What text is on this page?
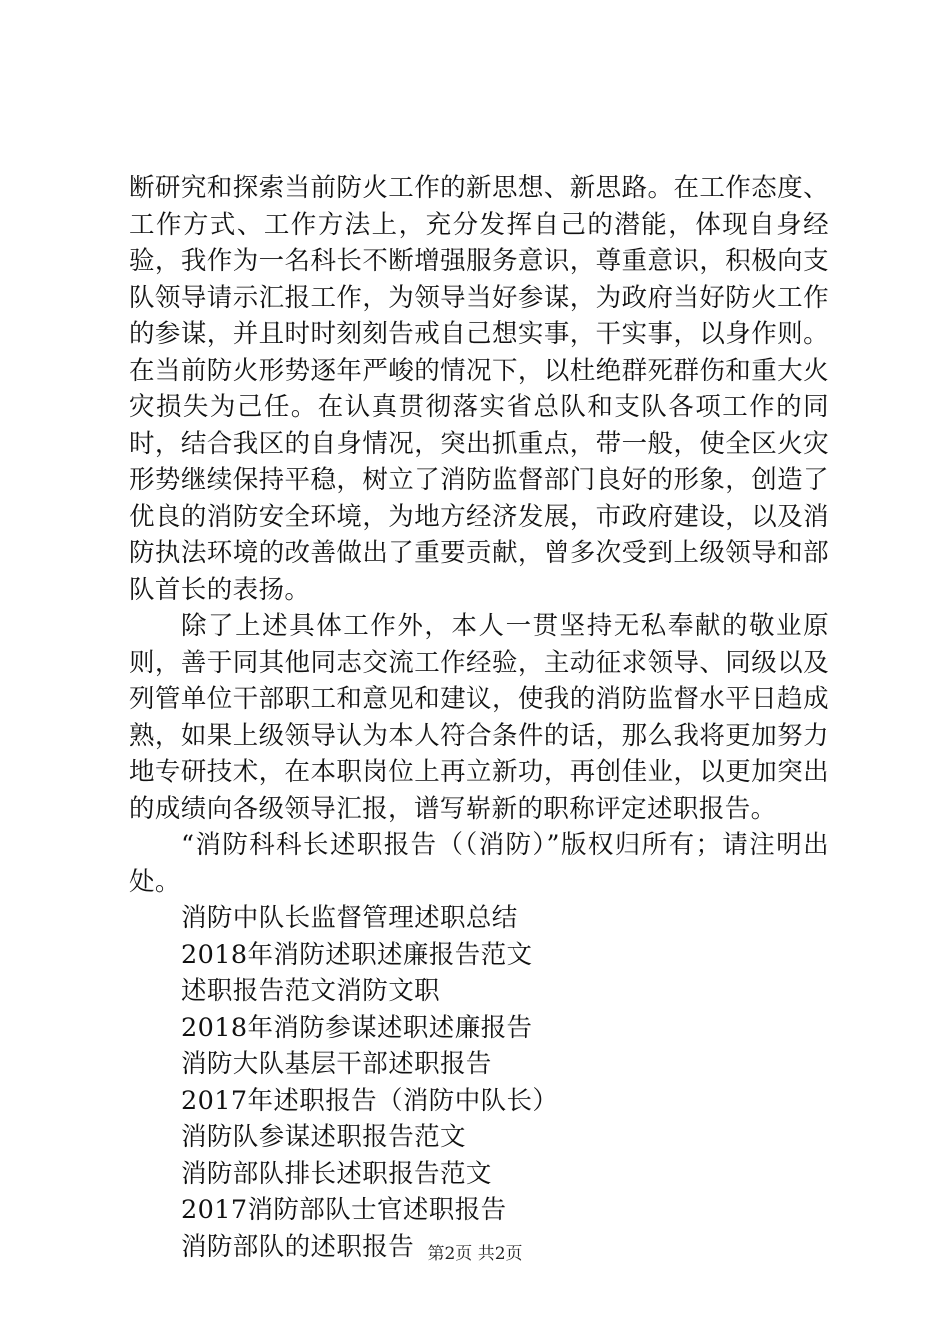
断研究和探索当前防火工作的新思想、新思路。在工作态度、工作方式、工作方法上，充分发挥自己的潜能，体现自身经验，我作为一名科长不断增强服务意识，尊重意识，积极向支队领导请示汇报工作，为领导当好参谋，为政府当好防火工作的参谋，并且时时刻刻告戒自己想实事，干实事，以身作则。在当前防火形势逐年严峻的情况下，以杜绝群死群伤和重大火灾损失为己任。在认真贯彻落实省总队和支队各项工作的同时，结合我区的自身情况，突出抓重点，带一般，使全区火灾形势继续保持平稳，树立了消防监督部门良好的形象，创造了优良的消防安全环境，为地方经济发展，市政府建设，以及消防执法环境的改善做出了重要贡献，曾多次受到上级领导和部队首长的表扬。

除了上述具体工作外，本人一贯坚持无私奉献的敬业原则，善于同其他同志交流工作经验，主动征求领导、同级以及列管单位干部职工和意见和建议，使我的消防监督水平日趋成熟，如果上级领导认为本人符合条件的话，那么我将更加努力地专研技术，在本职岗位上再立新功，再创佳业，以更加突出的成绩向各级领导汇报，谱写崭新的职称评定述职报告。

“消防科科长述职报告（（消防）”版权归所有；请注明出处。

消防中队长监督管理述职总结
2018年消防述职述廉报告范文
述职报告范文消防文职
2018年消防参谋述职述廉报告
消防大队基层干部述职报告
2017年述职报告（消防中队长）
消防队参谋述职报告范文
消防部队排长述职报告范文
2017消防部队士官述职报告
消防部队的述职报告 第2页 共2页
